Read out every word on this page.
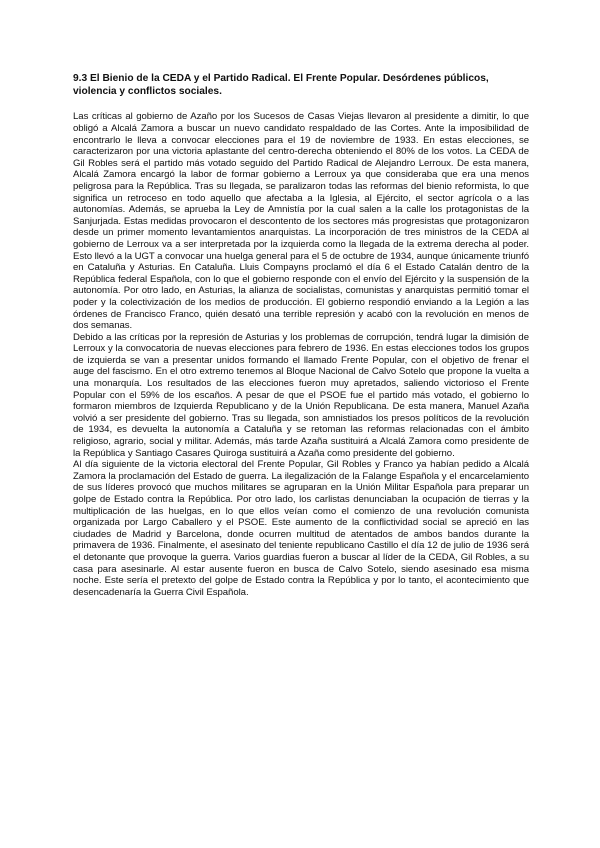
9.3 El Bienio de la CEDA y el Partido Radical. El Frente Popular. Desórdenes públicos, violencia y conflictos sociales.

Las críticas al gobierno de Azaño por los Sucesos de Casas Viejas llevaron al presidente a dimitir, lo que obligó a Alcalá Zamora a buscar un nuevo candidato respaldado de las Cortes. Ante la imposibilidad de encontrarlo le lleva a convocar elecciones para el 19 de noviembre de 1933. En estas elecciones, se caracterizaron por una victoria aplastante del centro-derecha obteniendo el 80% de los votos. La CEDA de Gil Robles será el partido más votado seguido del Partido Radical de Alejandro Lerroux. De esta manera, Alcalá Zamora encargó la labor de formar gobierno a Lerroux ya que consideraba que era una menos peligrosa para la República. Tras su llegada, se paralizaron todas las reformas del bienio reformista, lo que significa un retroceso en todo aquello que afectaba a la Iglesia, al Ejército, el sector agrícola o a las autonomías. Además, se aprueba la Ley de Amnistía por la cual salen a la calle los protagonistas de la Sanjurjada. Estas medidas provocaron el descontento de los sectores más progresistas que protagonizaron desde un primer momento levantamientos anarquistas. La incorporación de tres ministros de la CEDA al gobierno de Lerroux va a ser interpretada por la izquierda como la llegada de la extrema derecha al poder. Esto llevó a la UGT a convocar una huelga general para el 5 de octubre de 1934, aunque únicamente triunfó en Cataluña y Asturias. En Cataluña. Lluis Compayns proclamó el día 6 el Estado Catalán dentro de la República federal Española, con lo que el gobierno responde con el envío del Ejército y la suspensión de la autonomía. Por otro lado, en Asturias, la alianza de socialistas, comunistas y anarquistas permitió tomar el poder y la colectivización de los medios de producción. El gobierno respondió enviando a la Legión a las órdenes de Francisco Franco, quién desató una terrible represión y acabó con la revolución en menos de dos semanas.

Debido a las críticas por la represión de Asturias y los problemas de corrupción, tendrá lugar la dimisión de Lerroux y la convocatoria de nuevas elecciones para febrero de 1936. En estas elecciones todos los grupos de izquierda se van a presentar unidos formando el llamado Frente Popular, con el objetivo de frenar el auge del fascismo. En el otro extremo tenemos al Bloque Nacional de Calvo Sotelo que propone la vuelta a una monarquía. Los resultados de las elecciones fueron muy apretados, saliendo victorioso el Frente Popular con el 59% de los escaños. A pesar de que el PSOE fue el partido más votado, el gobierno lo formaron miembros de Izquierda Republicano y de la Unión Republicana. De esta manera, Manuel Azaña volvió a ser presidente del gobierno. Tras su llegada, son amnistiados los presos políticos de la revolución de 1934, es devuelta la autonomía a Cataluña y se retoman las reformas relacionadas con el ámbito religioso, agrario, social y militar. Además, más tarde Azaña sustituirá a Alcalá Zamora como presidente de la República y Santiago Casares Quiroga sustituirá a Azaña como presidente del gobierno.

Al día siguiente de la victoria electoral del Frente Popular, Gil Robles y Franco ya habían pedido a Alcalá Zamora la proclamación del Estado de guerra. La ilegalización de la Falange Española y el encarcelamiento de sus líderes provocó que muchos militares se agruparan en la Unión Militar Española para preparar un golpe de Estado contra la República. Por otro lado, los carlistas denunciaban la ocupación de tierras y la multiplicación de las huelgas, en lo que ellos veían como el comienzo de una revolución comunista organizada por Largo Caballero y el PSOE. Este aumento de la conflictividad social se apreció en las ciudades de Madrid y Barcelona, donde ocurren multitud de atentados de ambos bandos durante la primavera de 1936. Finalmente, el asesinato del teniente republicano Castillo el día 12 de julio de 1936 será el detonante que provoque la guerra. Varios guardias fueron a buscar al líder de la CEDA, Gil Robles, a su casa para asesinarle. Al estar ausente fueron en busca de Calvo Sotelo, siendo asesinado esa misma noche. Este sería el pretexto del golpe de Estado contra la República y por lo tanto, el acontecimiento que desencadenaría la Guerra Civil Española.
